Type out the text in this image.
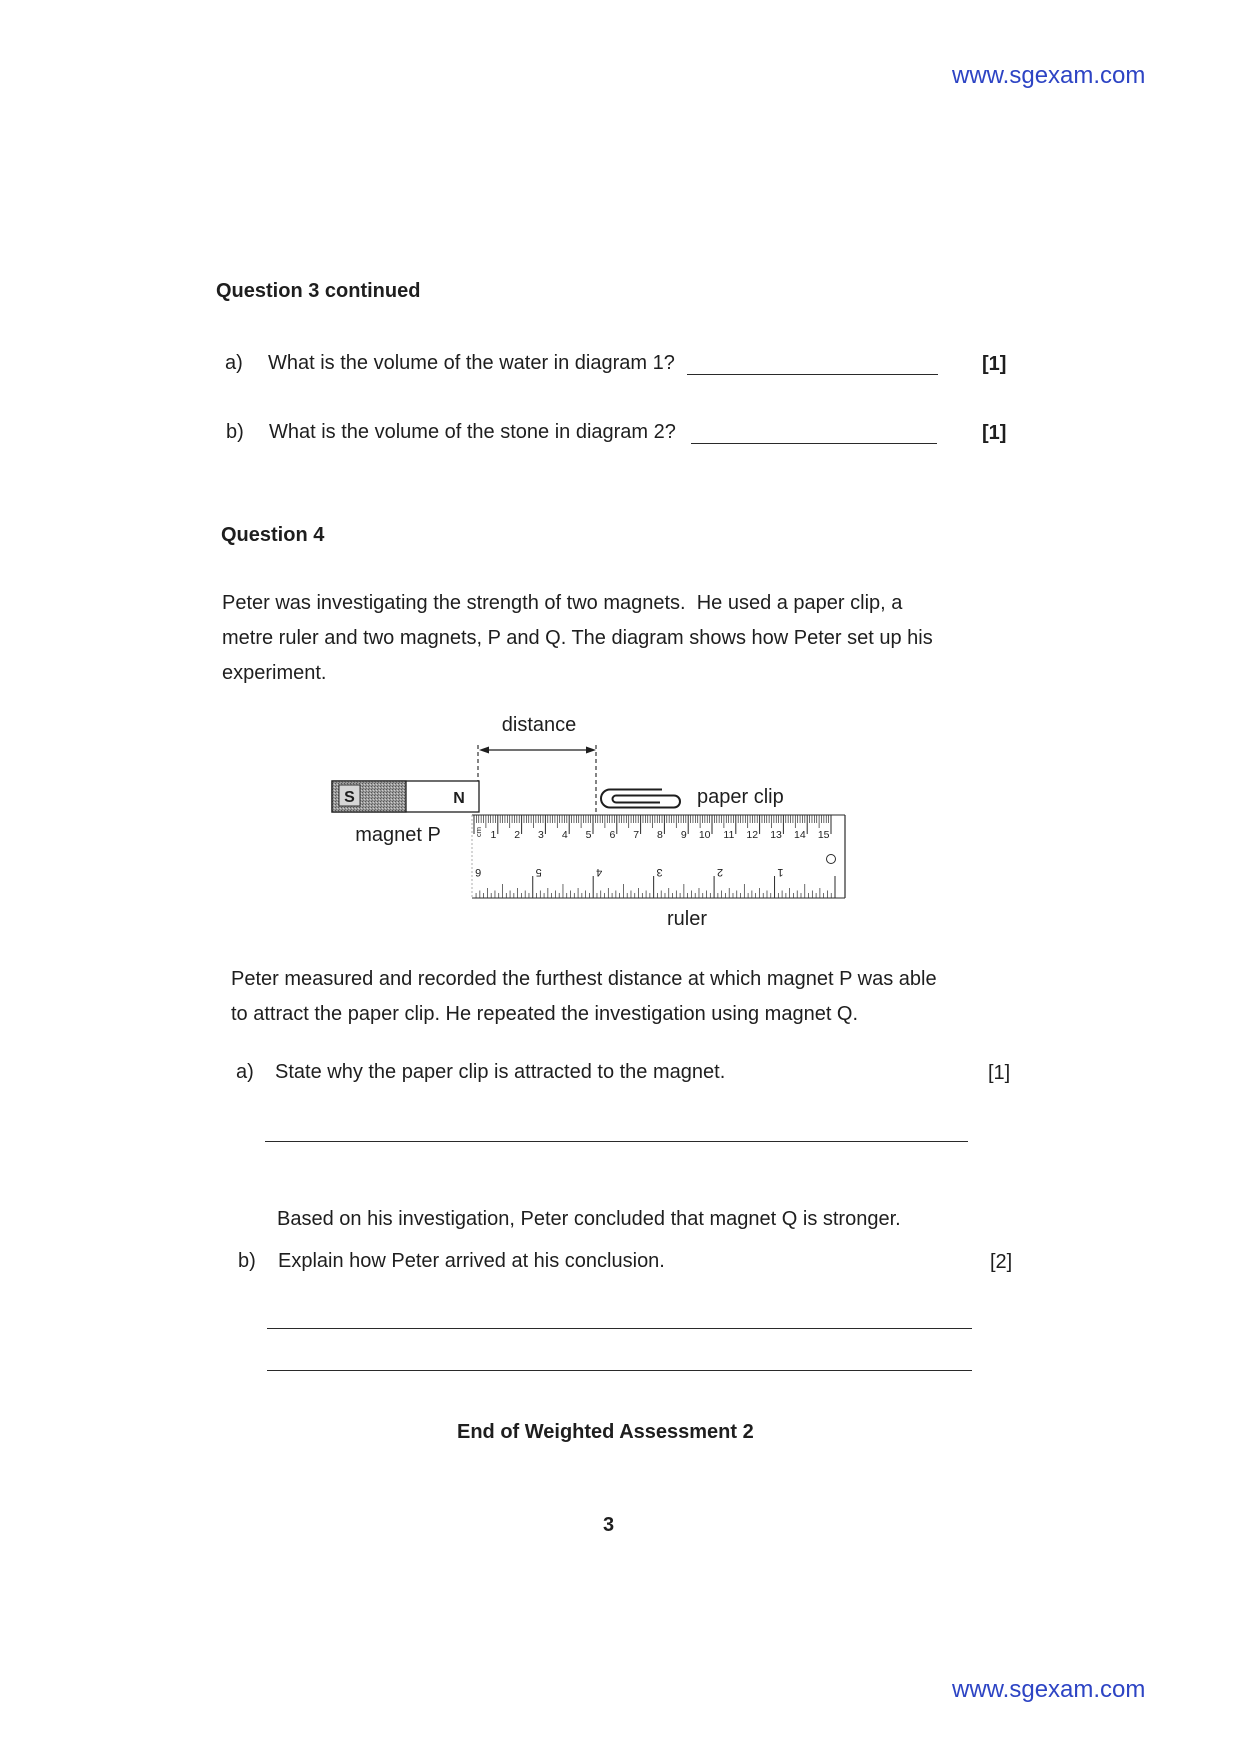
www.sgexam.com
Question 3 continued
a) What is the volume of the water in diagram 1?	[1]
b) What is the volume of the stone in diagram 2?	[1]
Question 4
Peter was investigating the strength of two magnets.  He used a paper clip, a
metre ruler and two magnets, P and Q. The diagram shows how Peter set up his
experiment.
distance
S	N
magnet P
paper clip
1 2 3 4 5 6 7 8 9 10 11 12 13 14 15
cm
6	5	4	3	2	1
ruler
Peter measured and recorded the furthest distance at which magnet P was able
to attract the paper clip. He repeated the investigation using magnet Q.
a) State why the paper clip is attracted to the magnet.	[1]
Based on his investigation, Peter concluded that magnet Q is stronger.
b) Explain how Peter arrived at his conclusion.	[2]
End of Weighted Assessment 2
3
www.sgexam.com
